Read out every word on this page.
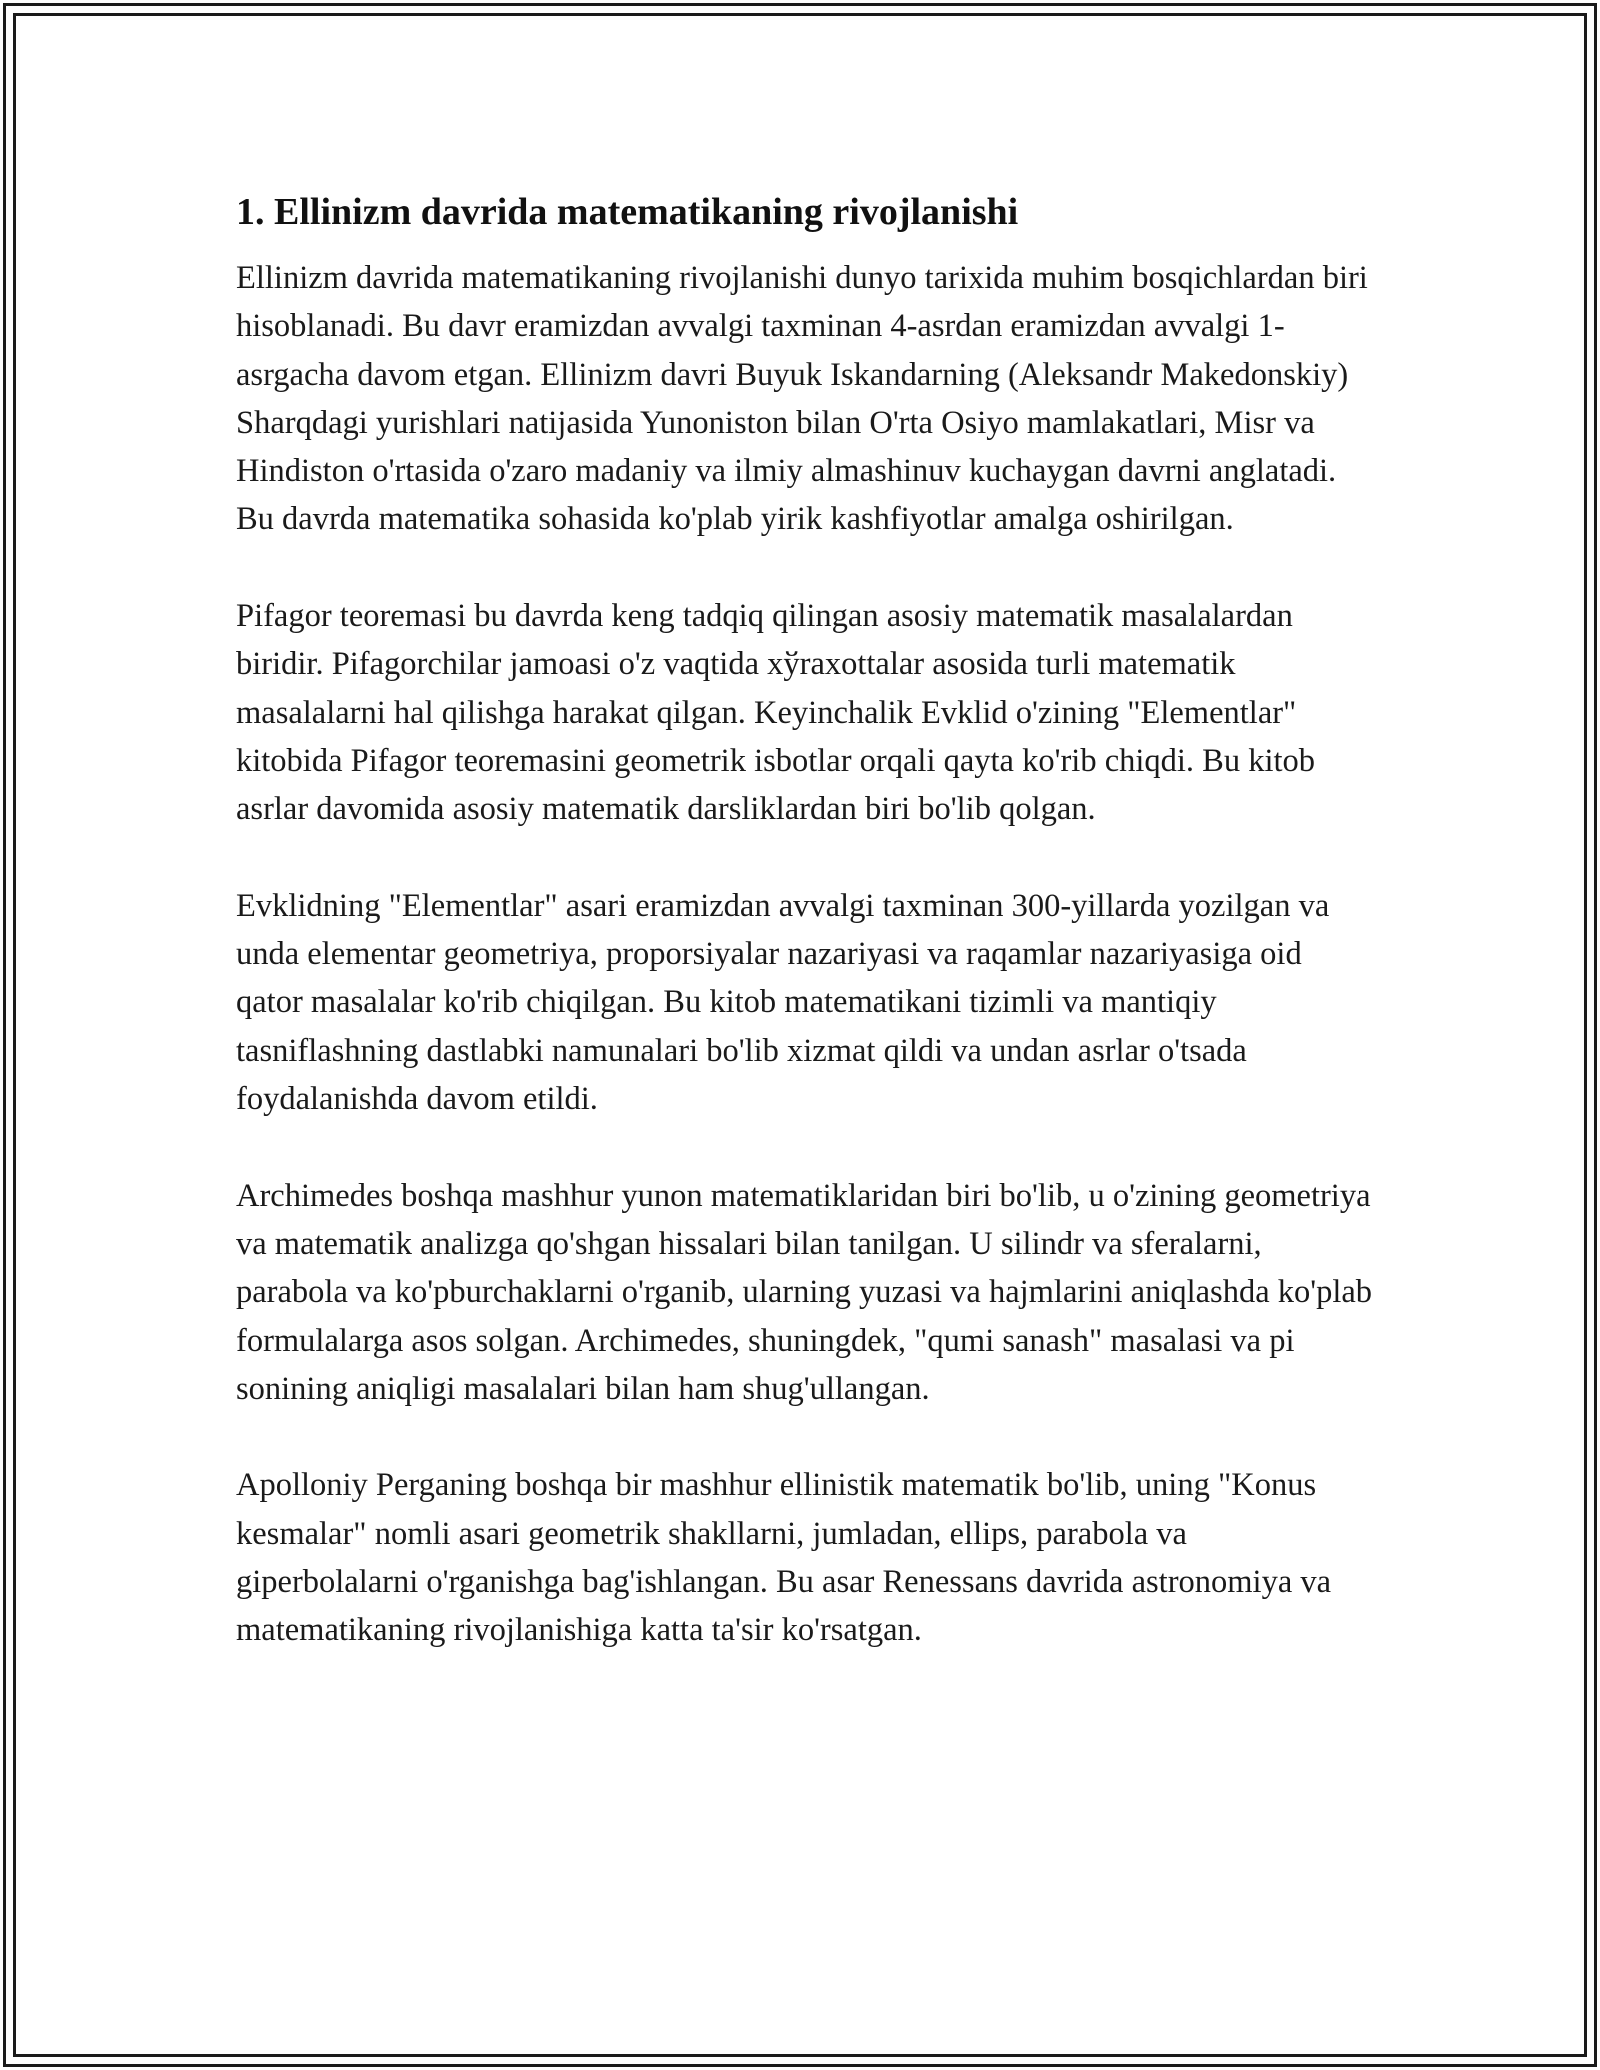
1. Ellinizm davrida matematikaning rivojlanishi

Ellinizm davrida matematikaning rivojlanishi dunyo tarixida muhim bosqichlardan biri hisoblanadi. Bu davr eramizdan avvalgi taxminan 4-asrdan eramizdan avvalgi 1-asrgacha davom etgan. Ellinizm davri Buyuk Iskandarning (Aleksandr Makedonskiy) Sharqdagi yurishlari natijasida Yunoniston bilan O'rta Osiyo mamlakatlari, Misr va Hindiston o'rtasida o'zaro madaniy va ilmiy almashinuv kuchaygan davrni anglatadi. Bu davrda matematika sohasida ko'plab yirik kashfiyotlar amalga oshirilgan.

Pifagor teoremasi bu davrda keng tadqiq qilingan asosiy matematik masalalardan biridir. Pifagorchilar jamoasi o'z vaqtida xўraxottalar asosida turli matematik masalalarni hal qilishga harakat qilgan. Keyinchalik Evklid o'zining "Elementlar" kitobida Pifagor teoremasini geometrik isbotlar orqali qayta ko'rib chiqdi. Bu kitob asrlar davomida asosiy matematik darsliklardan biri bo'lib qolgan.

Evklidning "Elementlar" asari eramizdan avvalgi taxminan 300-yillarda yozilgan va unda elementar geometriya, proporsiyalar nazariyasi va raqamlar nazariyasiga oid qator masalalar ko'rib chiqilgan. Bu kitob matematikani tizimli va mantiqiy tasniflashning dastlabki namunalari bo'lib xizmat qildi va undan asrlar o'tsada foydalanishda davom etildi.

Archimedes boshqa mashhur yunon matematiklaridan biri bo'lib, u o'zining geometriya va matematik analizga qo'shgan hissalari bilan tanilgan. U silindr va sferalarni, parabola va ko'pburchaklarni o'rganib, ularning yuzasi va hajmlarini aniqlashda ko'plab formulalarga asos solgan. Archimedes, shuningdek, "qumi sanash" masalasi va pi sonining aniqligi masalalari bilan ham shug'ullangan.

Apolloniy Perganing boshqa bir mashhur ellinistik matematik bo'lib, uning "Konus kesmalar" nomli asari geometrik shakllarni, jumladan, ellips, parabola va giperbolalarni o'rganishga bag'ishlangan. Bu asar Renessans davrida astronomiya va matematikaning rivojlanishiga katta ta'sir ko'rsatgan.
